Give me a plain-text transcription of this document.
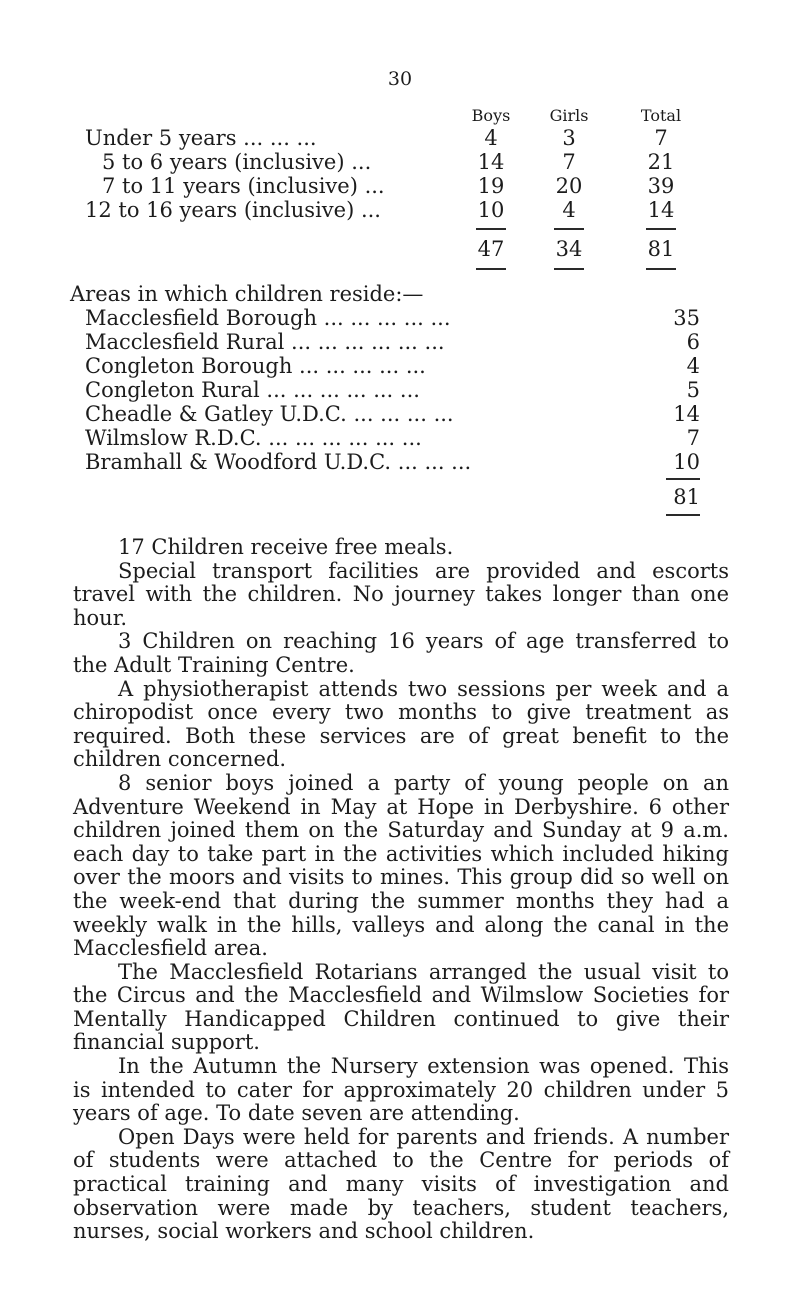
30
Boys	Girls	Total
Under 5 years ... ... ...	4	3	7
5 to 6 years (inclusive) ...	14	7	21
7 to 11 years (inclusive) ...	19	20	39
12 to 16 years (inclusive) ...	10	4	14
47	34	81
Areas in which children reside:—
Macclesfield Borough ... ... ... ... ...	35
Macclesfield Rural ... ... ... ... ... ...	6
Congleton Borough ... ... ... ... ...	4
Congleton Rural ... ... ... ... ... ...	5
Cheadle & Gatley U.D.C. ... ... ... ...	14
Wilmslow R.D.C. ... ... ... ... ... ...	7
Bramhall & Woodford U.D.C. ... ... ...	10
81

17 Children receive free meals.

Special transport facilities are provided and escorts travel with the children. No journey takes longer than one hour.

3 Children on reaching 16 years of age transferred to the Adult Training Centre.

A physiotherapist attends two sessions per week and a chiropodist once every two months to give treatment as required. Both these services are of great benefit to the children concerned.

8 senior boys joined a party of young people on an Adventure Weekend in May at Hope in Derbyshire. 6 other children joined them on the Saturday and Sunday at 9 a.m. each day to take part in the activities which included hiking over the moors and visits to mines. This group did so well on the week-end that during the summer months they had a weekly walk in the hills, valleys and along the canal in the Macclesfield area.

The Macclesfield Rotarians arranged the usual visit to the Circus and the Macclesfield and Wilmslow Societies for Mentally Handicapped Children continued to give their financial support.

In the Autumn the Nursery extension was opened. This is intended to cater for approximately 20 children under 5 years of age. To date seven are attending.

Open Days were held for parents and friends. A number of students were attached to the Centre for periods of practical training and many visits of investigation and observation were made by teachers, student teachers, nurses, social workers and school children.
